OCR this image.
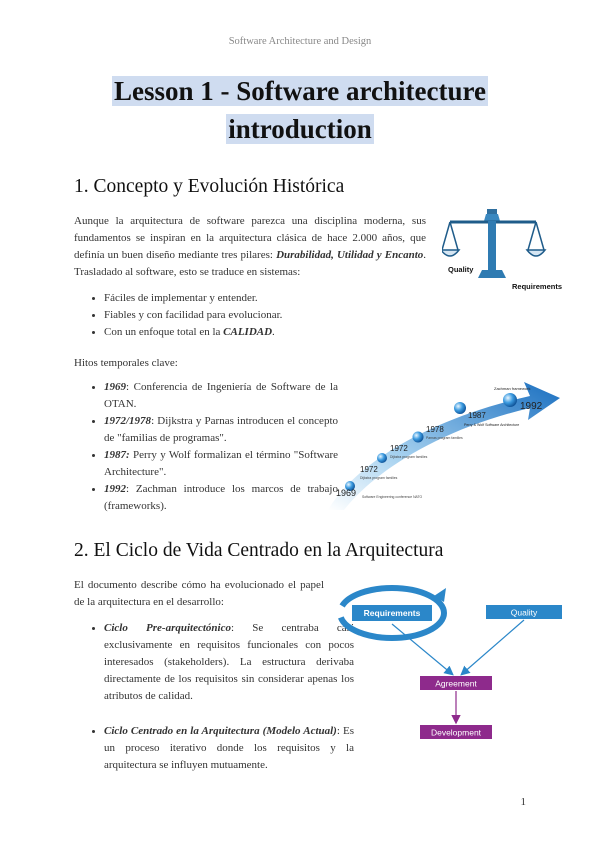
Software Architecture and Design
Lesson 1 - Software architecture
introduction
1. Concepto y Evolución Histórica
Aunque la arquitectura de software parezca una disciplina moderna, sus fundamentos se inspiran en la arquitectura clásica de hace 2.000 años, que definía un buen diseño mediante tres pilares: Durabilidad, Utilidad y Encanto. Trasladado al software, esto se traduce en sistemas:	Quality
Requirements
• Fáciles de implementar y entender.
• Fiables y con facilidad para evolucionar.
• Con un enfoque total en la CALIDAD.
Hitos temporales clave:
• 1969: Conferencia de Ingeniería de Software de la OTAN.
• 1972/1978: Dijkstra y Parnas introducen el concepto de "familias de programas".
• 1987: Perry y Wolf formalizan el término "Software Architecture".
• 1992: Zachman introduce los marcos de trabajo (frameworks).
1969
1972
1972
1978
1987
1992
Software Engineering conference NATO
Dijkstra program families
Dijkstra program families
Parnas program families
Perry & Wolf Software Architecture
Zachman framework
2. El Ciclo de Vida Centrado en la Arquitectura
El documento describe cómo ha evolucionado el papel de la arquitectura en el desarrollo:
• Ciclo Pre-arquitectónico: Se centraba casi exclusivamente en requisitos funcionales con pocos interesados (stakeholders). La estructura derivaba directamente de los requisitos sin considerar apenas los atributos de calidad.
• Ciclo Centrado en la Arquitectura (Modelo Actual): Es un proceso iterativo donde los requisitos y la arquitectura se influyen mutuamente.
Requirements	Quality
Agreement
Development
1
